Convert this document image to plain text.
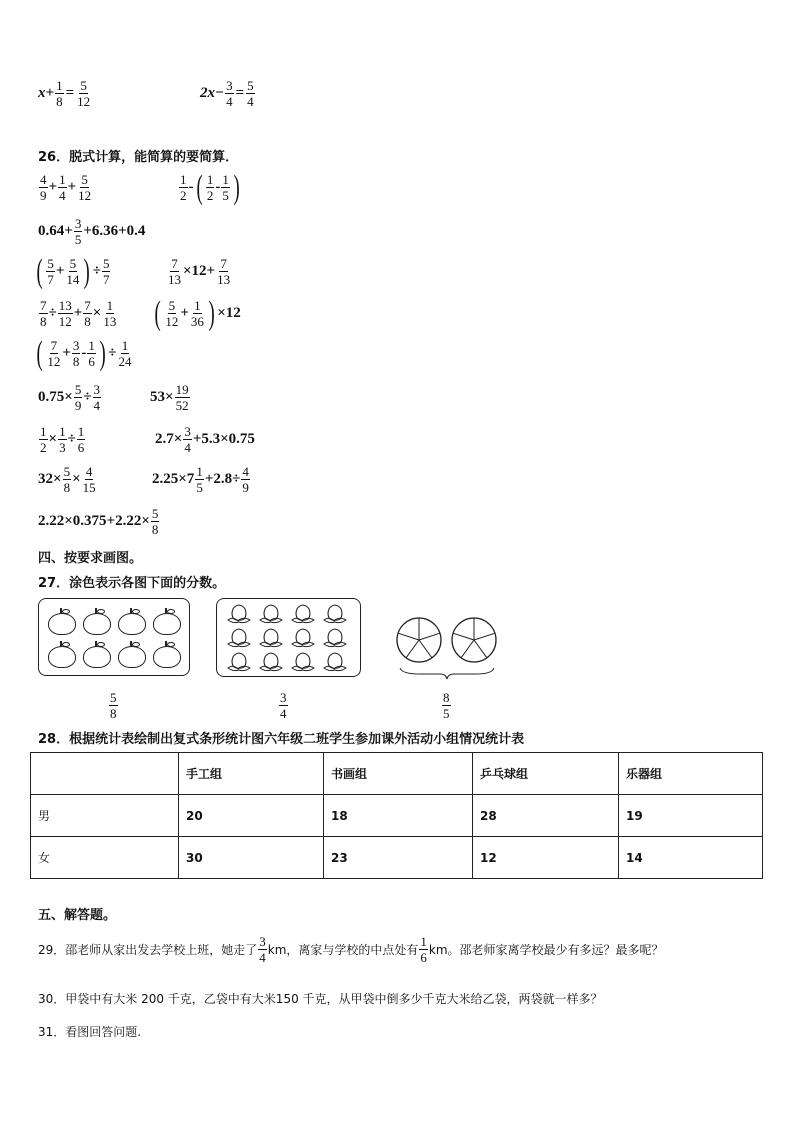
$x+ \frac{1}{8} = \frac{5}{12}$	$2x- \frac{3}{4} = \frac{5}{4}$
26．脱式计算，能简算的要简算．
$\frac{4}{9} + \frac{1}{4} + \frac{5}{12}$	$\frac{1}{2}$ - ( $\frac{1}{2} - \frac{1}{5}$ )
$0.64+ \frac{3}{5} +6.36+0.4$
( $\frac{5}{7} + \frac{5}{14}$ ) ÷ $\frac{5}{7}$	$\frac{7}{13} \times 12+ \frac{7}{13}$
$\frac{7}{8} \div \frac{13}{12} + \frac{7}{8} \times \frac{1}{13}$ ( $\frac{5}{12} + \frac{1}{36}$ ) ×12
( $\frac{7}{12} + \frac{3}{8} - \frac{1}{6}$ ) ÷ $\frac{1}{24}$
$0.75\times \frac{5}{9} \div \frac{3}{4}$	$53\times \frac{19}{52}$
$\frac{1}{2} \times \frac{1}{3} \div \frac{1}{6}$	$2.7\times \frac{3}{4} +5.3\times 0.75$
$32\times \frac{5}{8} \times \frac{4}{15}$	$2.25\times 7 \frac{1}{5} +2.8\div \frac{4}{9}$
$2.22\times 0.375+2.22\times \frac{5}{8}$
四、按要求画图。
27．涂色表示各图下面的分数。
$\frac{5}{8}$	$\frac{3}{4}$	$\frac{8}{5}$
28．根据统计表绘制出复式条形统计图六年级二班学生参加课外活动小组情况统计表
	手工组	书画组	乒乓球组	乐器组
男	20	18	28	19
女	30	23	12	14
五、解答题。
29．邵老师从家出发去学校上班，她走了 $\frac{3}{4}$ km，离家与学校的中点处有 $\frac{1}{6}$ km。邵老师家离学校最少有多远？最多呢？
30．甲袋中有大米 200 千克，乙袋中有大米150 千克，从甲袋中倒多少千克大米给乙袋，两袋就一样多？
31．看图回答问题.
